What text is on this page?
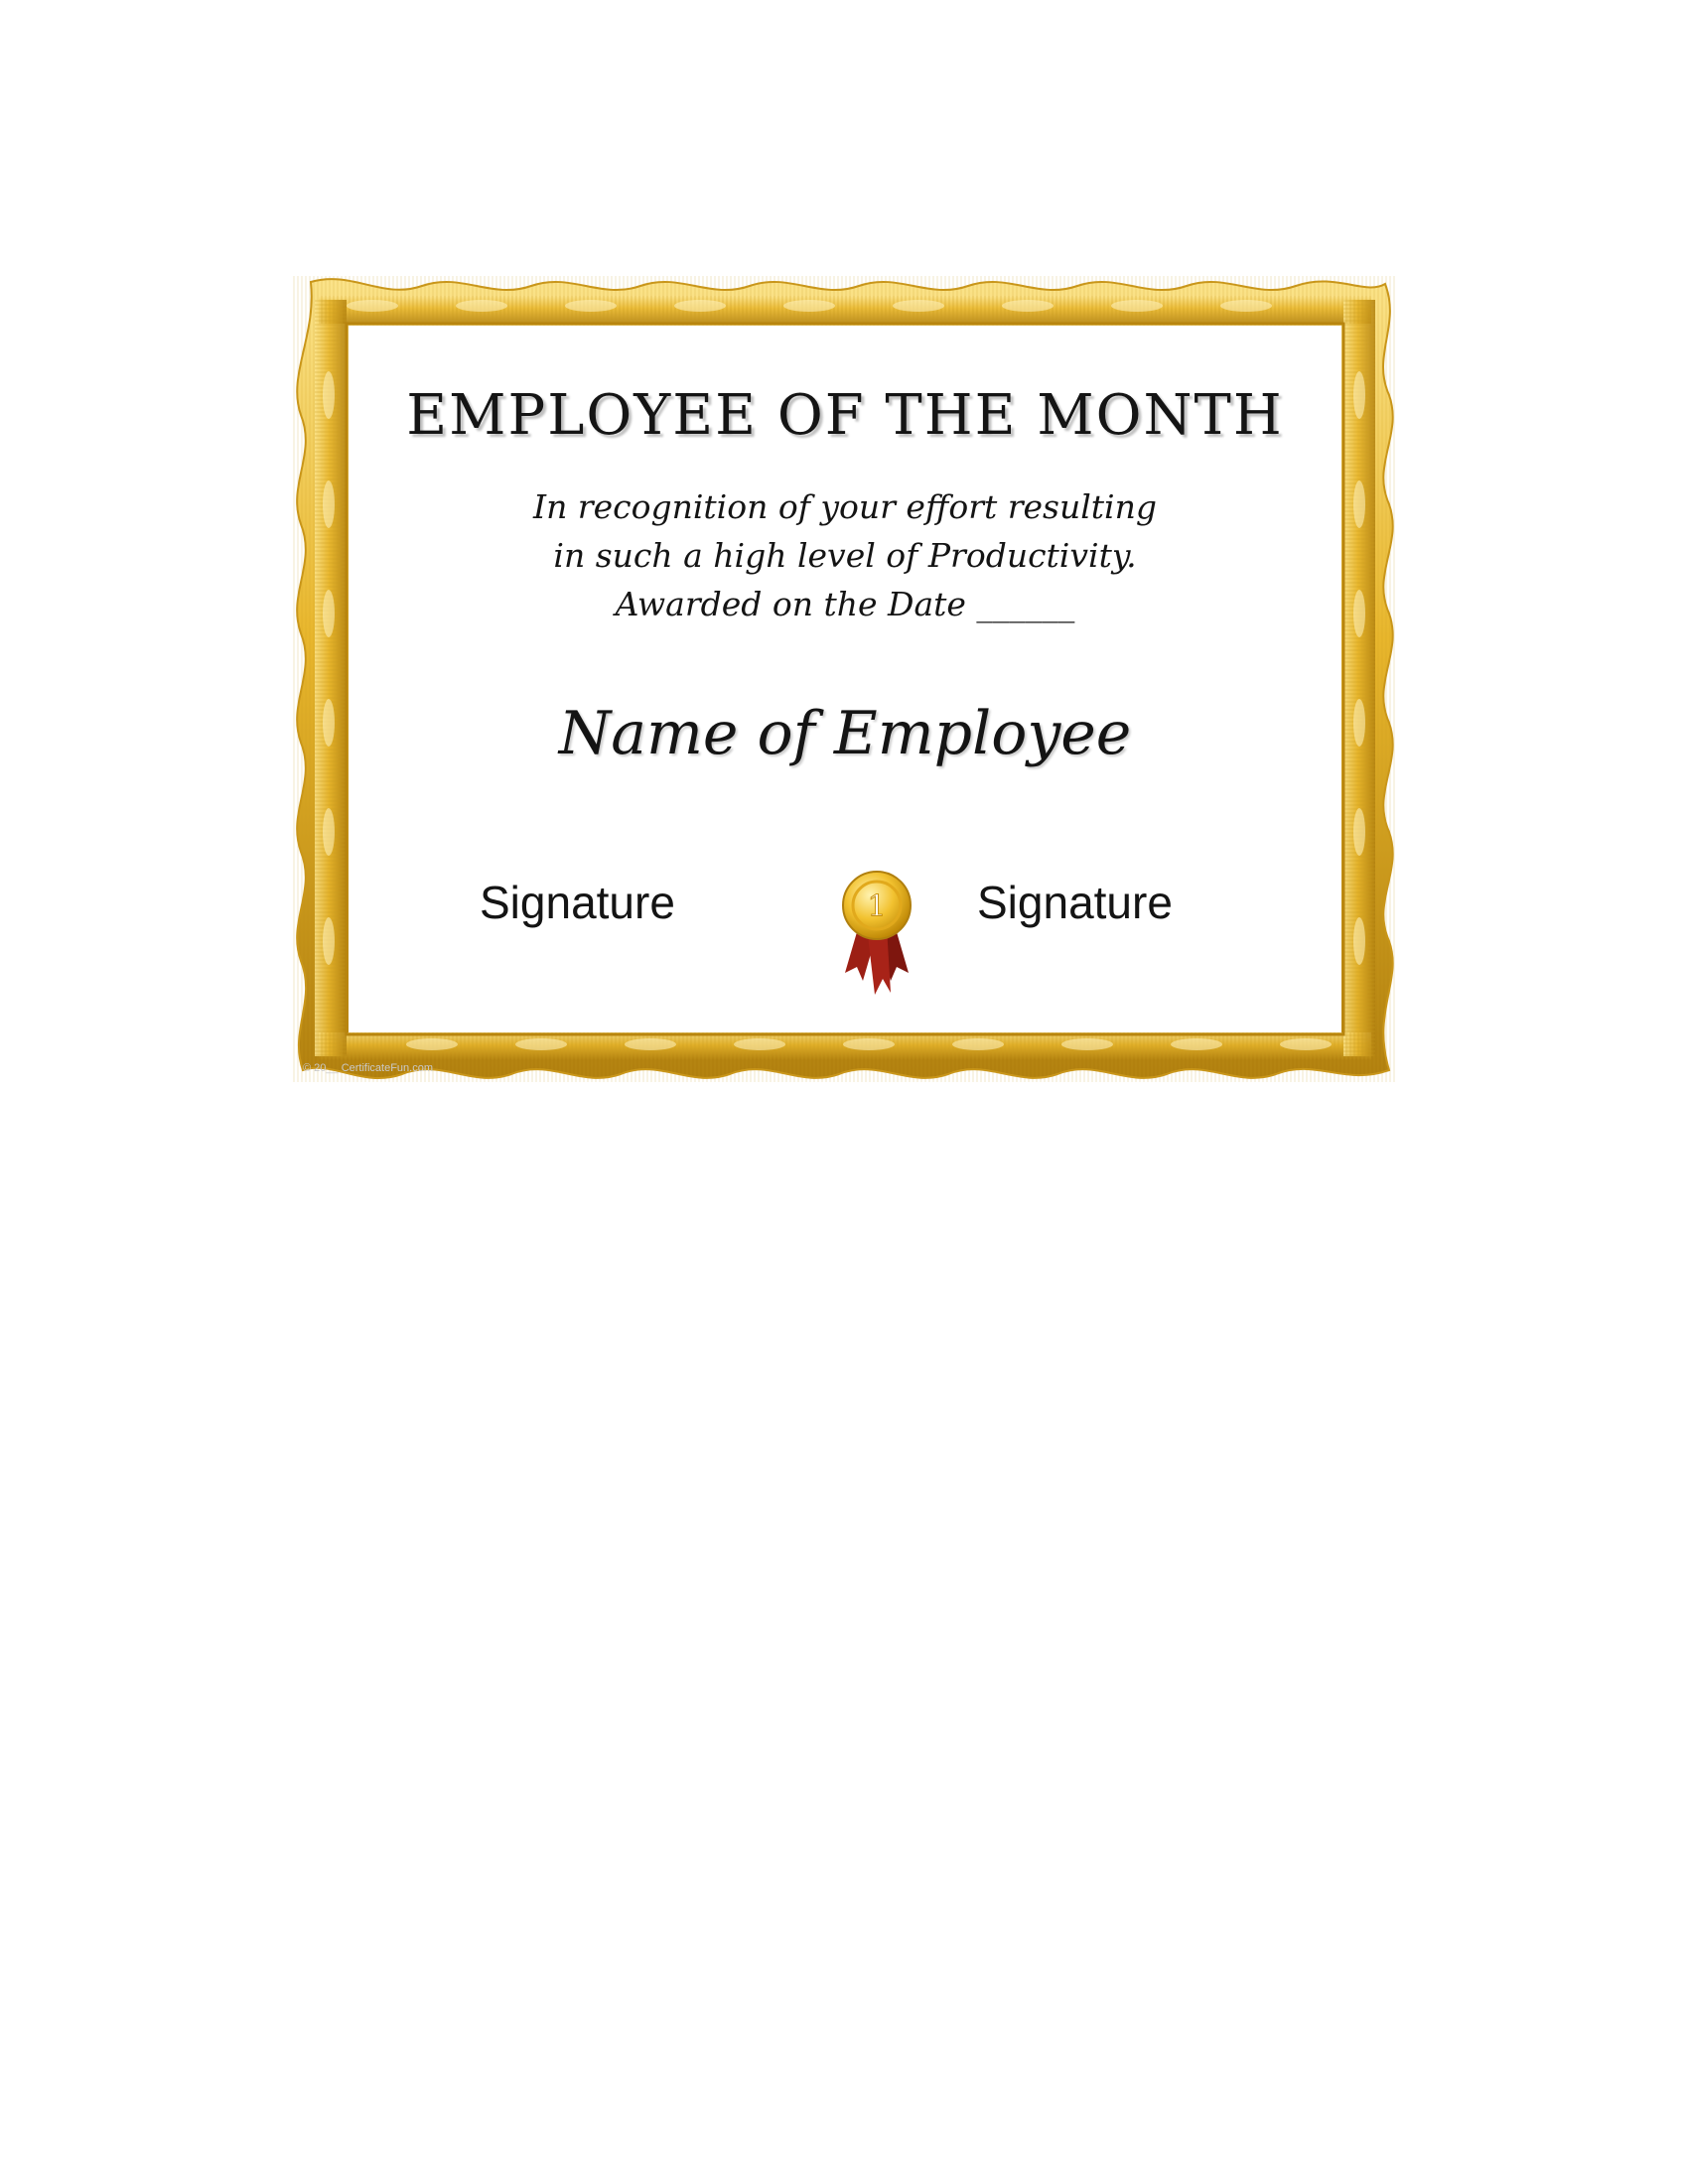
EMPLOYEE OF THE MONTH
In recognition of your effort resulting
in such a high level of Productivity.
Awarded on the Date ______
Name of Employee
Signature	1 Signature
© 20__ CertificateFun.com
